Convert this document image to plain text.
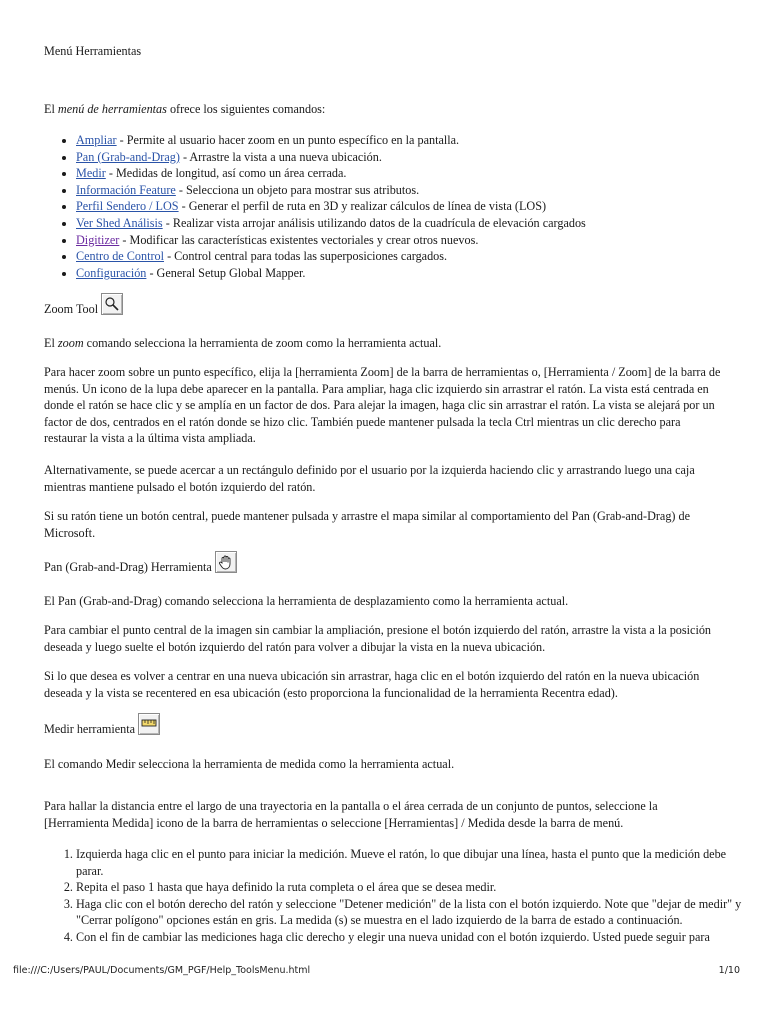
Menú Herramientas
El menú de herramientas ofrece los siguientes comandos:
• Ampliar - Permite al usuario hacer zoom en un punto específico en la pantalla.
• Pan (Grab-and-Drag) - Arrastre la vista a una nueva ubicación.
• Medir - Medidas de longitud, así como un área cerrada.
• Información Feature - Selecciona un objeto para mostrar sus atributos.
• Perfil Sendero / LOS - Generar el perfil de ruta en 3D y realizar cálculos de línea de vista (LOS)
• Ver Shed Análisis - Realizar vista arrojar análisis utilizando datos de la cuadrícula de elevación cargados
• Digitizer - Modificar las características existentes vectoriales y crear otros nuevos.
• Centro de Control - Control central para todas las superposiciones cargados.
• Configuración - General Setup Global Mapper.
Zoom Tool

El zoom comando selecciona la herramienta de zoom como la herramienta actual.

Para hacer zoom sobre un punto específico, elija la [herramienta Zoom] de la barra de herramientas o, [Herramienta / Zoom] de la barra de menús. Un icono de la lupa debe aparecer en la pantalla. Para ampliar, haga clic izquierdo sin arrastrar el ratón. La vista está centrada en donde el ratón se hace clic y se amplía en un factor de dos. Para alejar la imagen, haga clic sin arrastrar el ratón. La vista se alejará por un factor de dos, centrados en el ratón donde se hizo clic. También puede mantener pulsada la tecla Ctrl mientras un clic derecho para restaurar la vista a la última vista ampliada.

Alternativamente, se puede acercar a un rectángulo definido por el usuario por la izquierda haciendo clic y arrastrando luego una caja mientras mantiene pulsado el botón izquierdo del ratón.

Si su ratón tiene un botón central, puede mantener pulsada y arrastre el mapa similar al comportamiento del Pan (Grab-and-Drag) de Microsoft.

Pan (Grab-and-Drag) Herramienta

El Pan (Grab-and-Drag) comando selecciona la herramienta de desplazamiento como la herramienta actual.

Para cambiar el punto central de la imagen sin cambiar la ampliación, presione el botón izquierdo del ratón, arrastre la vista a la posición deseada y luego suelte el botón izquierdo del ratón para volver a dibujar la vista en la nueva ubicación.

Si lo que desea es volver a centrar en una nueva ubicación sin arrastrar, haga clic en el botón izquierdo del ratón en la nueva ubicación deseada y la vista se recentered en esa ubicación (esto proporciona la funcionalidad de la herramienta Recentra edad).

Medir herramienta

El comando Medir selecciona la herramienta de medida como la herramienta actual.

Para hallar la distancia entre el largo de una trayectoria en la pantalla o el área cerrada de un conjunto de puntos, seleccione la [Herramienta Medida] icono de la barra de herramientas o seleccione [Herramientas] / Medida desde la barra de menú.

1. Izquierda haga clic en el punto para iniciar la medición. Mueve el ratón, lo que dibujar una línea, hasta el punto que la medición debe parar.
2. Repita el paso 1 hasta que haya definido la ruta completa o el área que se desea medir.
3. Haga clic con el botón derecho del ratón y seleccione "Detener medición" de la lista con el botón izquierdo. Note que "dejar de medir" y "Cerrar polígono" opciones están en gris. La medida (s) se muestra en el lado izquierdo de la barra de estado a continuación.
4. Con el fin de cambiar las mediciones haga clic derecho y elegir una nueva unidad con el botón izquierdo. Usted puede seguir para
file:///C:/Users/PAUL/Documents/GM_PGF/Help_ToolsMenu.html	1/10
